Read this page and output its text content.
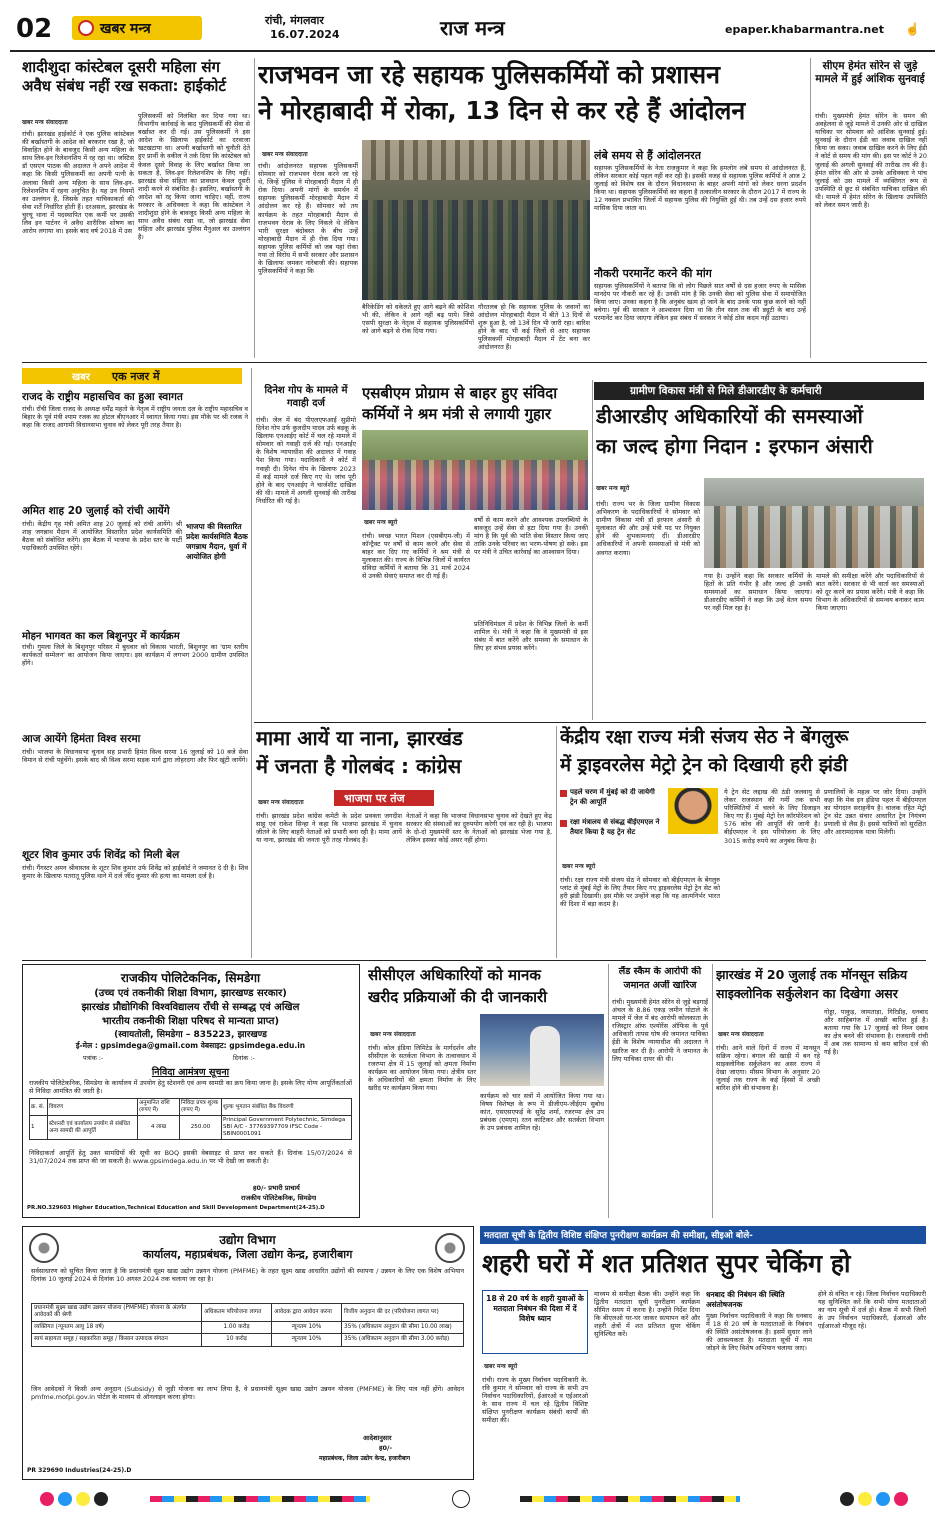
02	खबर मन्त्र
रांची, मंगलवार
16.07.2024	राज मन्त्र	epaper.khabarmantra.net ☝
शादीशुदा कांस्टेबल दूसरी महिला संग अवैध संबंध नहीं रख सकता: हाईकोर्ट
खबर मन्त्र संवाददाता
रांची। झारखंड हाईकोर्ट ने एक पुलिस कांस्टेबल की बर्खास्तगी के आदेश को बरकरार रखा है, जो विवाहित होने के बावजूद किसी अन्य महिला के साथ लिव-इन रिलेशनशिप में रह रहा था। जस्टिस डॉ एसएन पाठक की अदालत ने अपने आदेश में कहा कि किसी पुलिसकर्मी का अपनी पत्नी के अलावा किसी अन्य महिला के साथ लिव-इन-रिलेशनशिप में रहना अनुचित है। यह उन नियमों का उल्लंघन है, जिसके तहत याचिकाकर्ता की सेवा शर्तें निर्धारित होती हैं। दरअसल, झारखंड के चुरचू थाना में पदस्थापित एक कर्मी पर उसकी लिव इन पार्टनर ने अवैध शारीरिक शोषण का आरोप लगाया था। इसके बाद वर्ष 2018 में उस
पुलिसकर्मी को निलंबित कर दिया गया था। विभागीय कार्रवाई के बाद पुलिसकर्मी की सेवा से बर्खास्त कर दी गई। उस पुलिसकर्मी ने इस आदेश के खिलाफ हाईकोर्ट का दरवाजा खटखटाया था। अपनी बर्खास्तगी को चुनौती देते हुए प्रार्थी के वकील ने तर्क दिया कि कांस्टेबल को केवल दूसरे विवाह के लिए बर्खास्त किया जा सकता है, लिव-इन रिलेशनशिप के लिए नहीं। झारखंड सेवा संहिता का प्रावधान केवल दूसरी शादी करने से संबंधित है। इसलिए, बर्खास्तगी के आदेश को रद्द किया जाना चाहिए। वहीं, राज्य सरकार के अधिवक्ता ने कहा कि कांस्टेबल ने शादीशुदा होने के बावजूद किसी अन्य महिला के साथ अवैध संबंध रखा था, जो झारखंड सेवा संहिता और झारखंड पुलिस मैनुअल का उल्लंघन है।
राजभवन जा रहे सहायक पुलिसकर्मियों को प्रशासन
ने मोरहाबादी में रोका, 13 दिन से कर रहे हैं आंदोलन
खबर मन्त्र संवाददाता
रांची। आंदोलनरत सहायक पुलिसकर्मी सोमवार को राजभवन घेराव करने जा रहे थे, जिन्हें पुलिस ने मोरहाबादी मैदान में ही रोक दिया। अपनी मांगों के समर्थन में सहायक पुलिसकर्मी मोरहाबादी मैदान में आंदोलन कर रहे हैं। सोमवार को तय कार्यक्रम के तहत मोरहाबादी मैदान से राजभवन घेराव के लिए निकले थे लेकिन भारी सुरक्षा बंदोबस्त के बीच उन्हें मोरहाबादी मैदान में ही रोक दिया गया। सहायक पुलिस कर्मियों को जब यहां रोका गया तो विरोध में सभी सरकार और प्रशासन के खिलाफ जमकर नारेबाजी की। सहायक पुलिसकर्मियों ने कहा कि
बैरिकेडिंग को धकेलते हुए आगे बढ़ने की कोशिश भी की, लेकिन वे आगे नहीं बढ़ पाये। जिसे एसपी सुरक्षा के नेतृत्व में सहायक पुलिसकर्मियों को आगे बढ़ने से रोक दिया गया।
गौरतलब हो कि सहायक पुलिस के जवानों का आंदोलन मोरहाबादी मैदान में बीते 13 दिनों से शुरू हुआ है, जो 13वें दिन भी जारी रहा। बारिश होने के बाद भी कई जिलों से आए सहायक पुलिसकर्मी मोरहाबादी मैदान में टेंट बना कर आंदोलनरत हैं।
लंबे समय से हैं आंदोलनरत
सहायक पुलिसकर्मियों के नेता राजकुमार ने कहा कि हमलोग लंबे समय से आंदोलनरत हैं, लेकिन सरकार कोई पहल नहीं कर रही है। इसकी वजह से सहायक पुलिस कर्मियों ने आज 2 जुलाई को विशेष सत्र के दौरान विधानसभा के बाहर अपनी मांगों को लेकर धरना प्रदर्शन किया था। सहायक पुलिसकर्मियों का कहना है तत्कालीन सरकार के दौरान 2017 में राज्य के 12 नक्सल प्रभावित जिलों में सहायक पुलिस की नियुक्ति हुई थी। तब उन्हें दस हजार रुपये मासिक दिया जाता था।
नौकरी परमानेंट करने की मांग
सहायक पुलिसकर्मियों ने बताया कि वो लोग पिछले सात वर्षों से दस हजार रुपए के मासिक मानदेय पर नौकरी कर रहे हैं। उनकी मांग है कि उनकी सेवा को पुलिस सेवा में समायोजित किया जाए। उनका कहना है कि अनुबंध खत्म हो जाने के बाद उनके पास कुछ करने को नहीं बचेगा। पूर्व की सरकार ने आश्वासन दिया था कि तीन साल तक की ड्यूटी के बाद उन्हें परमानेंट कर दिया जाएगा लेकिन इस संबंध में सरकार ने कोई ठोस कदम नहीं उठाया।
सीएम हेमंत सोरेन से जुड़े मामले में हुई आंशिक सुनवाई
रांची। मुख्यमंत्री हेमंत सोरेन के समन की अवहेलना से जुड़े मामले में उनकी ओर से दाखिल याचिका पर सोमवार को आंशिक सुनवाई हुई। सुनवाई के दौरान ईडी का जवाब दाखिल नहीं किया जा सका। जवाब दाखिल करने के लिए ईडी ने कोर्ट से समय की मांग की। इस पर कोर्ट ने 20 जुलाई की अगली सुनवाई की तारीख तय की है। हेमंत सोरेन की ओर से उनके अधिवक्ता ने पांच जुलाई को उस मामले में व्यक्तिगत रूप से उपस्थिति से छूट से संबंधित याचिका दाखिल की थी। मामले में हेमंत सोरेन के खिलाफ उपस्थिति को लेकर समन जारी है।
खबर एक नजर में
राजद के राष्ट्रीय महासचिव का हुआ स्वागत
रांची। राँची जिला राजद के अध्यक्ष धर्मेंद्र महतो के नेतृत्व में राष्ट्रीय जनता दल के राष्ट्रीय महासचिव व बिहार के पूर्व मंत्री श्याम रजक का होटल बीएनआर में स्वागत किया गया। इस मौके पर श्री रजक ने कहा कि राजद आगामी विधानसभा चुनाव को लेकर पूरी तरह तैयार है।
अमित शाह 20 जुलाई को रांची आयेंगे
रांची। केंद्रीय गृह मंत्री अमित शाह 20 जुलाई को रांची आयेंगे। श्री शाह जगन्नाथ मैदान में आयोजित विस्तारित प्रदेश कार्यसमिति की बैठक को संबोधित करेंगे। इस बैठक में भाजपा के प्रदेश स्तर के पार्टी पदाधिकारी उपस्थित रहेंगे।
भाजपा की विस्तारित प्रदेश कार्यसमिति बैठक जगन्नाथ मैदान, धुर्वा में आयोजित होगी
मोहन भागवत का कल बिशुनपुर में कार्यक्रम
रांची। गुमला जिले के बिशुनपुर परिसर में बुधवार को विकास भारती, बिशुनपुर का 'ग्राम स्तरीय कार्यकर्ता सम्मेलन' का आयोजन किया जाएगा। इस कार्यक्रम में लगभग 2000 ग्रामीण उपस्थित होंगे।
आज आयेंगे हिमंता विश्व सरमा
रांची। भाजपा के विधानसभा चुनाव सह प्रभारी हिमंत विश्व सरमा 16 जुलाई को 10 बजे सेवा विमान से रांची पहुंचेंगे। इसके बाद श्री विश्व सरमा सड़क मार्ग द्वारा लोहरदगा और फिर खूंटी जायेंगे।
शूटर शिव कुमार उर्फ शिवेंद्र को मिली बेल
रांची। गैंगस्टर अमन श्रीवास्तव के शूटर शिव कुमार उर्फ शिवेंद्र को हाईकोर्ट ने जमानत दे दी है। शिव कुमार के खिलाफ पतरातू पुलिस थाने में दर्ज जींद कुमार की हत्या का मामला दर्ज है।
दिनेश गोप के मामले में गवाही दर्ज
रांची। जेल में बंद पीएलएफआई सुप्रीमो दिनेश गोप उर्फ कुलदीप यादव उर्फ बड़कू के खिलाफ एनआईए कोर्ट में चल रहे मामले में सोमवार को गवाही दर्ज की गई। एनआईए के विशेष न्यायाधीश की अदालत में गवाह पेश किया गया। पदाधिकारी ने कोर्ट में गवाही दी। दिनेश गोप के खिलाफ 2023 में कई मामले दर्ज किए गए थे। जांच पूरी होने के बाद एनआईए ने चार्जशीट दाखिल की थी। मामले में अगली सुनवाई की तारीख निर्धारित की गई है।
एसबीएम प्रोग्राम से बाहर हुए संविदा
कर्मियों ने श्रम मंत्री से लगायी गुहार
खबर मन्त्र ब्यूरो
रांची। स्वच्छ भारत मिशन (एसबीएम-जी) में कॉन्ट्रैक्ट पर वर्षों से काम करने और सेवा से बाहर कर दिए गए कर्मियों ने श्रम मंत्री से मुलाकात की। राज्य के विभिन्न जिलों में कार्यरत संविदा कर्मियों ने बताया कि 31 मार्च 2024 से उनकी सेवाएं समाप्त कर दी गई हैं।
वर्षों से काम करने और आवश्यक उपलब्धियों के बावजूद उन्हें सेवा से हटा दिया गया है। उनकी मांग है कि पूर्व की भांति सेवा विस्तार किया जाए ताकि उनके परिवार का भरण-पोषण हो सके। इस पर मंत्री ने उचित कार्रवाई का आश्वासन दिया।
प्रतिनिधिमंडल में प्रदेश के विभिन्न जिलों के कर्मी शामिल थे। मंत्री ने कहा कि वे मुख्यमंत्री से इस संबंध में बात करेंगे और समस्या के समाधान के लिए हर संभव प्रयास करेंगे।
ग्रामीण विकास मंत्री से मिले डीआरडीए के कर्मचारी
डीआरडीए अधिकारियों की समस्याओं
का जल्द होगा निदान : इरफान अंसारी
खबर मन्त्र ब्यूरो
रांची। राज्य भर के जिला ग्रामीण विकास अभिकरण के पदाधिकारियों ने सोमवार को ग्रामीण विकास मंत्री डॉ इरफान अंसारी से मुलाकात की और उन्हें मंत्री पद पर नियुक्त होने की शुभकामनाएं दीं। डीआरडीए अधिकारियों ने अपनी समस्याओं से मंत्री को अवगत कराया।
गया है। उन्होंने कहा कि सरकार कर्मियों के हितों के प्रति गंभीर है और जल्द ही उनकी समस्याओं का समाधान किया जाएगा। डीआरडीए कर्मियों ने कहा कि उन्हें वेतन समय पर नहीं मिल रहा है।
मामले की समीक्षा करेंगे और पदाधिकारियों से बात करेंगे। सरकार से भी वार्ता कर समस्याओं को दूर करने का प्रयास करेंगे। मंत्री ने कहा कि विभाग के अधिकारियों से समन्वय बनाकर काम किया जाएगा।
मामा आयें या नाना, झारखंड
में जनता है गोलबंद : कांग्रेस
खबर मन्त्र संवाददाता	भाजपा पर तंज
रांची। झारखंड प्रदेश कांग्रेस कमेटी के प्रदेश प्रवक्ता जगदीश साहू एवं राकेश सिन्हा ने कहा कि भाजपा झारखंड में चुनाव जीतने के लिए बाहरी नेताओं को प्रभारी बना रही है। मामा आयें या नाना, झारखंड की जनता पूरी तरह गोलबंद है।
नेताओं ने कहा कि भाजपा विधानसभा चुनाव को देखते हुए केंद्र सरकार की संस्थाओं का दुरुपयोग करेगी एवं कर रही है। भाजपा के दो-दो मुख्यमंत्री स्तर के नेताओं को झारखंड भेजा गया है, लेकिन इसका कोई असर नहीं होगा।
केंद्रीय रक्षा राज्य मंत्री संजय सेठ ने बेंगलुरू
में ड्राइवरलेस मेट्रो ट्रेन को दिखायी हरी झंडी
पहले चरण में मुंबई को दी जायेगी ट्रेन की आपूर्ति
रक्षा मंत्रालय से संबद्ध बीईएमएल ने तैयार किया है यह ट्रेन सेट
खबर मन्त्र ब्यूरो
रांची। रक्षा राज्य मंत्री संजय सेठ ने सोमवार को बीईएमएल के बेंगलुरु प्लांट से मुंबई मेट्रो के लिए तैयार किए गए ड्राइवरलेस मेट्रो ट्रेन सेट को हरी झंडी दिखायी। इस मौके पर उन्होंने कहा कि यह आत्मनिर्भर भारत की दिशा में बड़ा कदम है।
ये ट्रेन सेट लद्दाख की ठंडी जलवायु से लेकर राजस्थान की गर्मी तक सभी परिस्थितियों में चलने के लिए डिजाइन किए गए हैं। मुंबई मेट्रो रेल कॉरपोरेशन को 576 कोच की आपूर्ति की जानी है। बीईएमएल ने इस परियोजना के लिए 3015 करोड़ रुपये का अनुबंध किया है।
प्रणालियों के महत्व पर जोर दिया। उन्होंने कहा कि मेक इन इंडिया पहल में बीईएमएल का योगदान सराहनीय है। चालक रहित मेट्रो ट्रेन सेट उन्नत संचार आधारित ट्रेन नियंत्रण प्रणाली से लैस हैं। इससे यात्रियों को सुरक्षित और आरामदायक यात्रा मिलेगी।
राजकीय पोलिटेकनिक, सिमडेगा
(उच्च एवं तकनीकी शिक्षा विभाग, झारखण्ड सरकार)
झारखंड प्रौद्योगिकी विश्वविद्यालय राँची से सम्बद्ध एवं अखिल
भारतीय तकनीकी शिक्षा परिषद से मान्यता प्राप्त)
(स्वायतोली, सिमडेगा – 835223, झारखण्ड
ई-मेल : gpsimdega@gmail.com वेबसाइट: gpsimdega.edu.in
पत्रांक :-	दिनांक :-
निविदा आमंत्रण सूचना
राजकीय पोलिटेकनिक, सिमडेगा के कार्यालय में उपयोग हेतु स्टेशनरी एवं अन्य सामग्री का क्रय किया जाना है। इसके लिए योग्य आपूर्तिकर्ताओं से निविदा आमंत्रित की जाती है।
क्र. सं.	विवरण	अनुमानित राशि (रुपए में)	निविदा प्रपत्र शुल्क (रुपए में)	शुल्क भुगतान संबंधित बैंक विवरणी
1	स्टेशनरी एवं कार्यालय उपयोग से संबंधित अन्य सामग्री की आपूर्ति	4 लाख	250.00	Principal Government Polytechnic, Simdega SBI A/C - 37769397709 IFSC Code - SBIN0001091
निविदाकर्ता आपूर्ति हेतु उक्त सामग्रियों की सूची का BOQ इसकी वेबसाइट से प्राप्त कर सकते हैं। दिनांक 15/07/2024 से 31/07/2024 तक प्राप्त की जा सकती है। www.gpsimdega.edu.in पर भी देखी जा सकती है।
ह0/- प्रभारी प्राचार्य
राजकीय पोलिटेकनिक, सिमडेगा
PR.NO.329603 Higher Education,Technical Education and Skill Development Department(24-25).D
सीसीएल अधिकारियों को मानक
खरीद प्रक्रियाओं की दी जानकारी
खबर मन्त्र संवाददाता
रांची। कोल इंडिया लिमिटेड के मार्गदर्शन और सीसीएल के सतर्कता विभाग के तत्वावधान में रजरप्पा क्षेत्र में 15 जुलाई को क्षमता निर्माण कार्यक्रम का आयोजन किया गया। क्षेत्रीय स्तर के अधिकारियों की क्षमता निर्माण के लिए खरीद पर कार्यक्रम किया गया।
कार्यक्रम को चार सत्रों में आयोजित किया गया था। विषय विशेषज्ञ के रूप में डीजीएम-जीईएम सुबोध कांत, एसएसएफई के सुरेंद्र शर्मा, रजरप्पा क्षेत्र उप प्रबंधक (एमएम) रतन कांटिकर और सतर्कता विभाग के उप प्रबंधक शामिल रहे।
लैंड स्कैम के आरोपी की
जमानत अर्जी खारिज
रांची। मुख्यमंत्री हेमंत सोरेन से जुड़े बड़गाईं अंचल के 8.86 एकड़ जमीन घोटाले के मामले में जेल में बंद आरोपी कोलकाता के रजिस्ट्रार ऑफ एश्योरेंस ऑफिस के पूर्व अधिकारी तापस घोष की जमानत याचिका ईडी के विशेष न्यायाधीश की अदालत ने खारिज कर दी है। आरोपी ने जमानत के लिए याचिका दायर की थी।
झारखंड में 20 जुलाई तक मॉनसून सक्रिय
साइक्लोनिक सर्कुलेशन का दिखेगा असर
खबर मन्त्र संवाददाता
रांची। आने वाले दिनों में राज्य में मानसून सक्रिय रहेगा। बंगाल की खाड़ी में बन रहे साइक्लोनिक सर्कुलेशन का असर राज्य में देखा जाएगा। मौसम विभाग के अनुसार 20 जुलाई तक राज्य के कई हिस्सों में अच्छी बारिश होने की संभावना है।
गोड्डा, पाकुड़, जामताड़ा, गिरिडीह, धनबाद और साहिबगंज में अच्छी बारिश हुई है। बताया गया कि 17 जुलाई को निम्न दबाव का क्षेत्र बनने की संभावना है। राजधानी रांची में अब तक सामान्य से कम बारिश दर्ज की गई है।
उद्योग विभाग
कार्यालय, महाप्रबंधक, जिला उद्योग केन्द्र, हजारीबाग
सर्वसाधारण को सूचित किया जाता है कि प्रधानमंत्री सूक्ष्म खाद्य उद्योग उन्नयन योजना (PMFME) के तहत सूक्ष्म खाद्य आधारित उद्योगों की स्थापना / उन्नयन के लिए एक विशेष अभियान दिनांक 10 जुलाई 2024 से दिनांक 10 अगस्त 2024 तक चलाया जा रहा है।
प्रधानमंत्री सूक्ष्म खाद्य उद्योग उन्नयन योजना (PMFME) योजना के अंतर्गत आवेदकों की श्रेणी	अधिकतम परियोजना लागत	आवेदक द्वारा आवेदन करना	वित्तीय अनुदान की दर (परियोजना लागत पर)
व्यक्तिगत (न्यूनतम आयु 18 वर्ष)	1.00 करोड़	न्यूनतम 10%	35% (अधिकतम अनुदान की सीमा 10.00 लाख)
स्वयं सहायता समूह / सहकारिता समूह / किसान उत्पादक संगठन	10 करोड़	न्यूनतम 10%	35% (अधिकतम अनुदान की सीमा 3.00 करोड़)
जिन आवेदकों ने किसी अन्य अनुदान (Subsidy) से जुड़ी योजना का लाभ लिया है, वे प्रधानमंत्री सूक्ष्म खाद्य उद्योग उन्नयन योजना (PMFME) के लिए पात्र नहीं होंगे। आवेदन pmfme.mofpi.gov.in पोर्टल के माध्यम से ऑनलाइन करना होगा।
आदेशानुसार
ह0/-
महाप्रबंधक, जिला उद्योग केन्द्र, हजारीबाग
PR 329690 Industries(24-25).D
मतदाता सूची के द्वितीय विशिष्ट संक्षिप्त पुनरीक्षण कार्यक्रम की समीक्षा, सीइओ बोले-
शहरी घरों में शत प्रतिशत सुपर चेकिंग हो
18 से 20 वर्ष के शहरी युवाओं के मतदाता निबंधन की दिशा में दें विशेष ध्यान
खबर मन्त्र ब्यूरो
रांची। राज्य के मुख्य निर्वाचन पदाधिकारी के. रवि कुमार ने सोमवार को राज्य के सभी उप निर्वाचन पदाधिकारियों, ईआरओ व एईआरओ के साथ राज्य में चल रहे द्वितीय विशिष्ट संक्षिप्त पुनरीक्षण कार्यक्रम संबंधी कार्यों की समीक्षा की।
माध्यम से समीक्षा बैठक की। उन्होंने कहा कि द्वितीय मतदाता सूची पुनरीक्षण कार्यक्रम सीमित समय में करना है। उन्होंने निर्देश दिया कि बीएलओ घर-घर जाकर सत्यापन करें और शहरी क्षेत्रों में शत प्रतिशत सुपर चेकिंग सुनिश्चित करें।
धनबाद की निबंधन की स्थिति असंतोषजनक
मुख्य निर्वाचन पदाधिकारी ने कहा कि धनबाद में 18 से 20 वर्ष के मतदाताओं के निबंधन की स्थिति असंतोषजनक है। इसमें सुधार लाने की आवश्यकता है। मतदाता सूची में नाम जोड़ने के लिए विशेष अभियान चलाया जाए।
होने से वंचित न रहे। जिला निर्वाचन पदाधिकारी यह सुनिश्चित करें कि सभी योग्य मतदाताओं का नाम सूची में दर्ज हो। बैठक में सभी जिलों के उप निर्वाचन पदाधिकारी, ईआरओ और एईआरओ मौजूद रहे।
